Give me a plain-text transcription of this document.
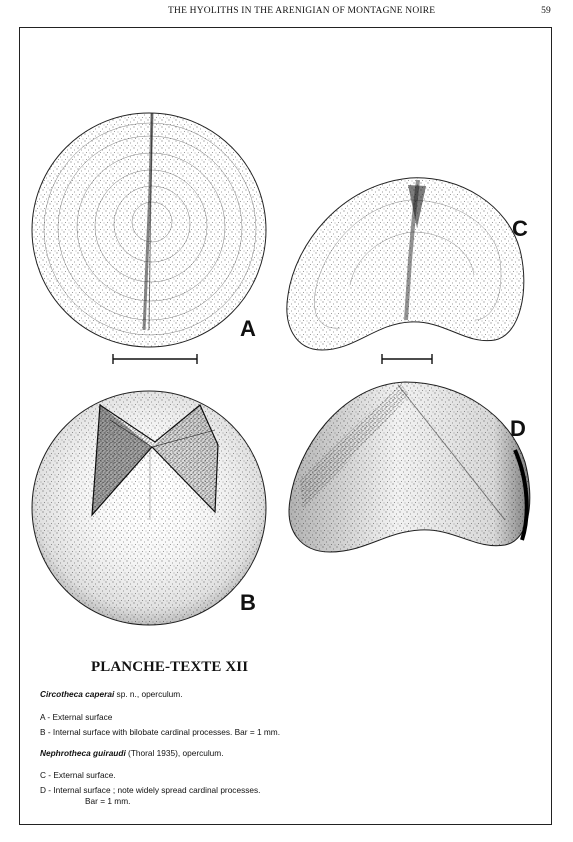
THE HYOLITHS IN THE ARENIGIAN OF MONTAGNE NOIRE	59
A
B
C
D
PLANCHE-TEXTE XII
Circotheca caperai sp. n., operculum.
A - External surface
B - Internal surface with bilobate cardinal processes. Bar = 1 mm.
Nephrotheca guiraudi (Thoral 1935), operculum.
C - External surface.
D - Internal surface ; note widely spread cardinal processes.
Bar = 1 mm.
